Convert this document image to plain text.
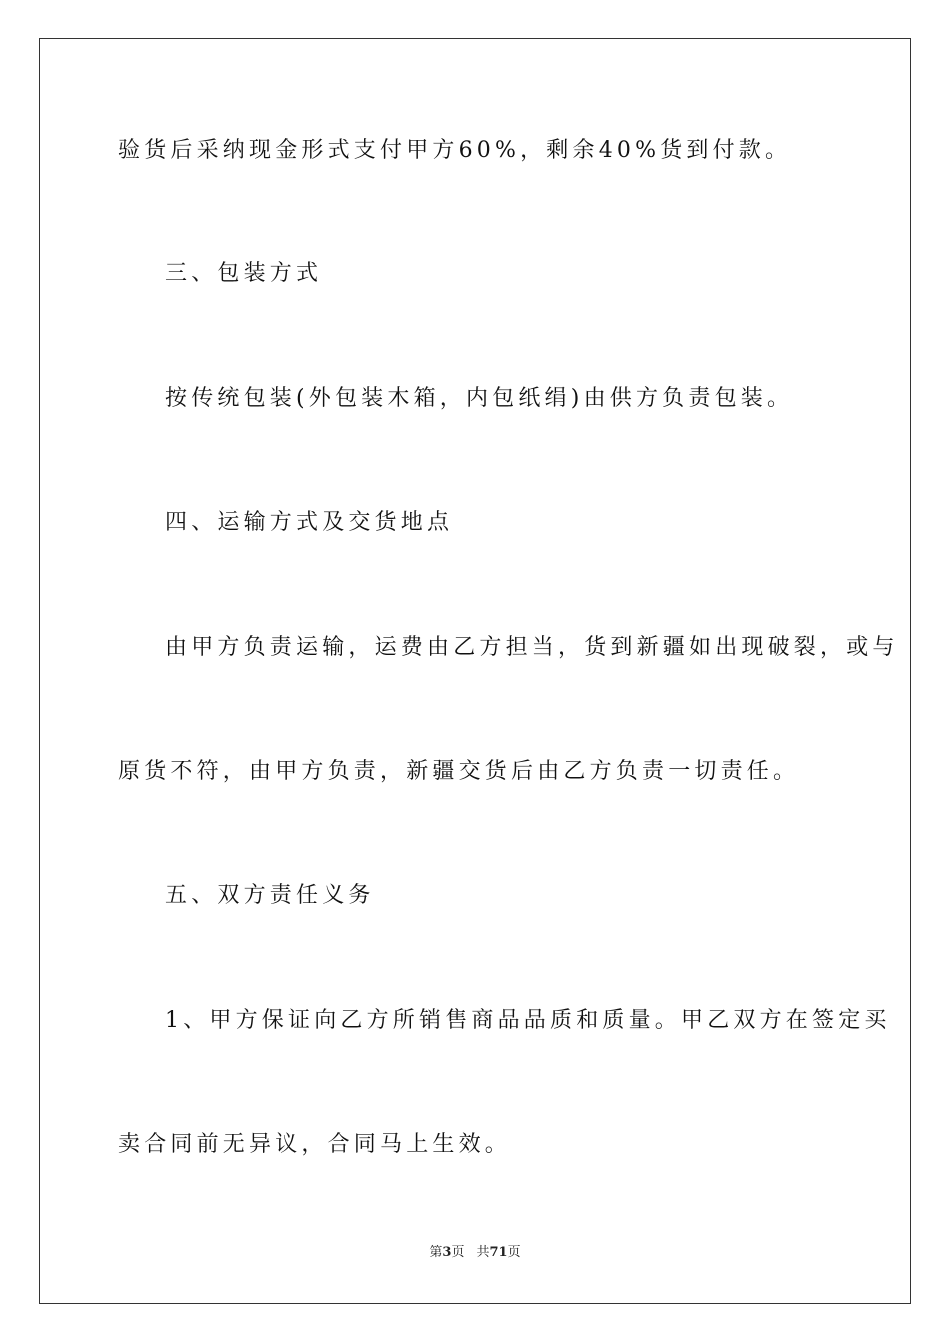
验货后采纳现金形式支付甲方60%，剩余40%货到付款。
三、包装方式
按传统包装(外包装木箱，内包纸绢)由供方负责包装。
四、运输方式及交货地点
由甲方负责运输，运费由乙方担当，货到新疆如出现破裂，或与
原货不符，由甲方负责，新疆交货后由乙方负责一切责任。
五、双方责任义务
1、甲方保证向乙方所销售商品品质和质量。甲乙双方在签定买
卖合同前无异议，合同马上生效。
第3页 共71页
